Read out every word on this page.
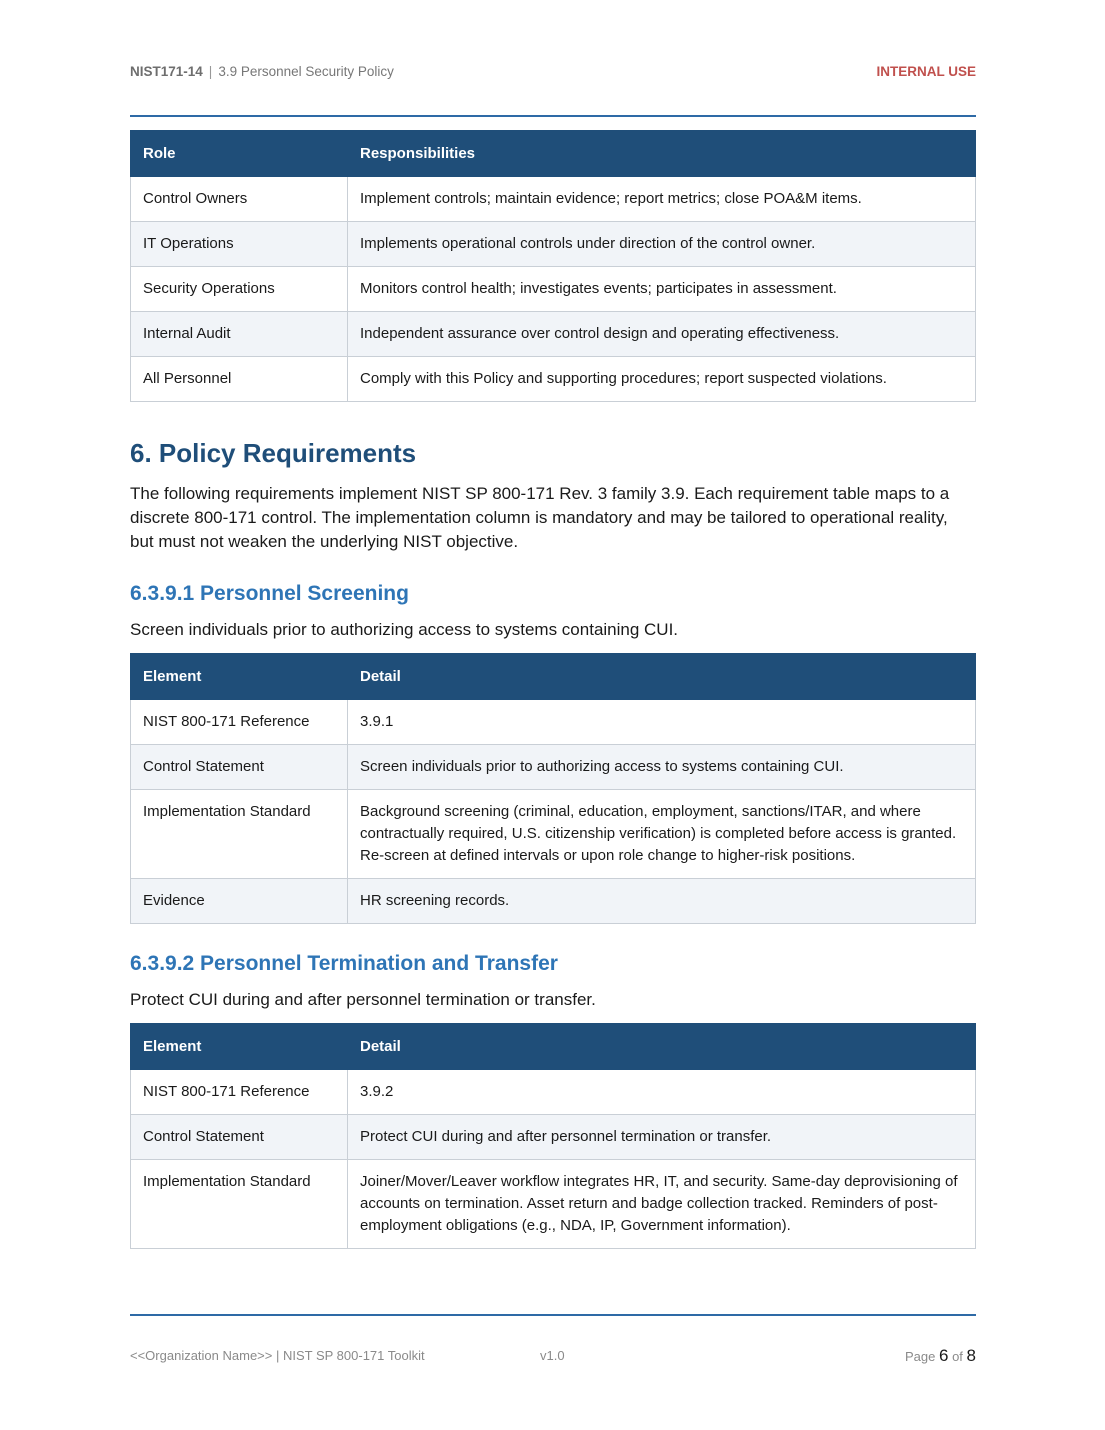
NIST171-14 | 3.9 Personnel Security Policy	INTERNAL USE
Role	Responsibilities
Control Owners	Implement controls; maintain evidence; report metrics; close POA&M items.
IT Operations	Implements operational controls under direction of the control owner.
Security Operations	Monitors control health; investigates events; participates in assessment.
Internal Audit	Independent assurance over control design and operating effectiveness.
All Personnel	Comply with this Policy and supporting procedures; report suspected violations.
6. Policy Requirements

The following requirements implement NIST SP 800-171 Rev. 3 family 3.9. Each requirement table maps to a discrete 800-171 control. The implementation column is mandatory and may be tailored to operational reality, but must not weaken the underlying NIST objective.

6.3.9.1 Personnel Screening

Screen individuals prior to authorizing access to systems containing CUI.

Element	Detail
NIST 800-171 Reference	3.9.1
Control Statement	Screen individuals prior to authorizing access to systems containing CUI.
Implementation Standard	Background screening (criminal, education, employment, sanctions/ITAR, and where contractually required, U.S. citizenship verification) is completed before access is granted. Re-screen at defined intervals or upon role change to higher-risk positions.
Evidence	HR screening records.
6.3.9.2 Personnel Termination and Transfer

Protect CUI during and after personnel termination or transfer.

Element	Detail
NIST 800-171 Reference	3.9.2
Control Statement	Protect CUI during and after personnel termination or transfer.
Implementation Standard	Joiner/Mover/Leaver workflow integrates HR, IT, and security. Same-day deprovisioning of accounts on termination. Asset return and badge collection tracked. Reminders of post-employment obligations (e.g., NDA, IP, Government information).
<<Organization Name>> | NIST SP 800-171 Toolkit	v1.0	Page 6 of 8
